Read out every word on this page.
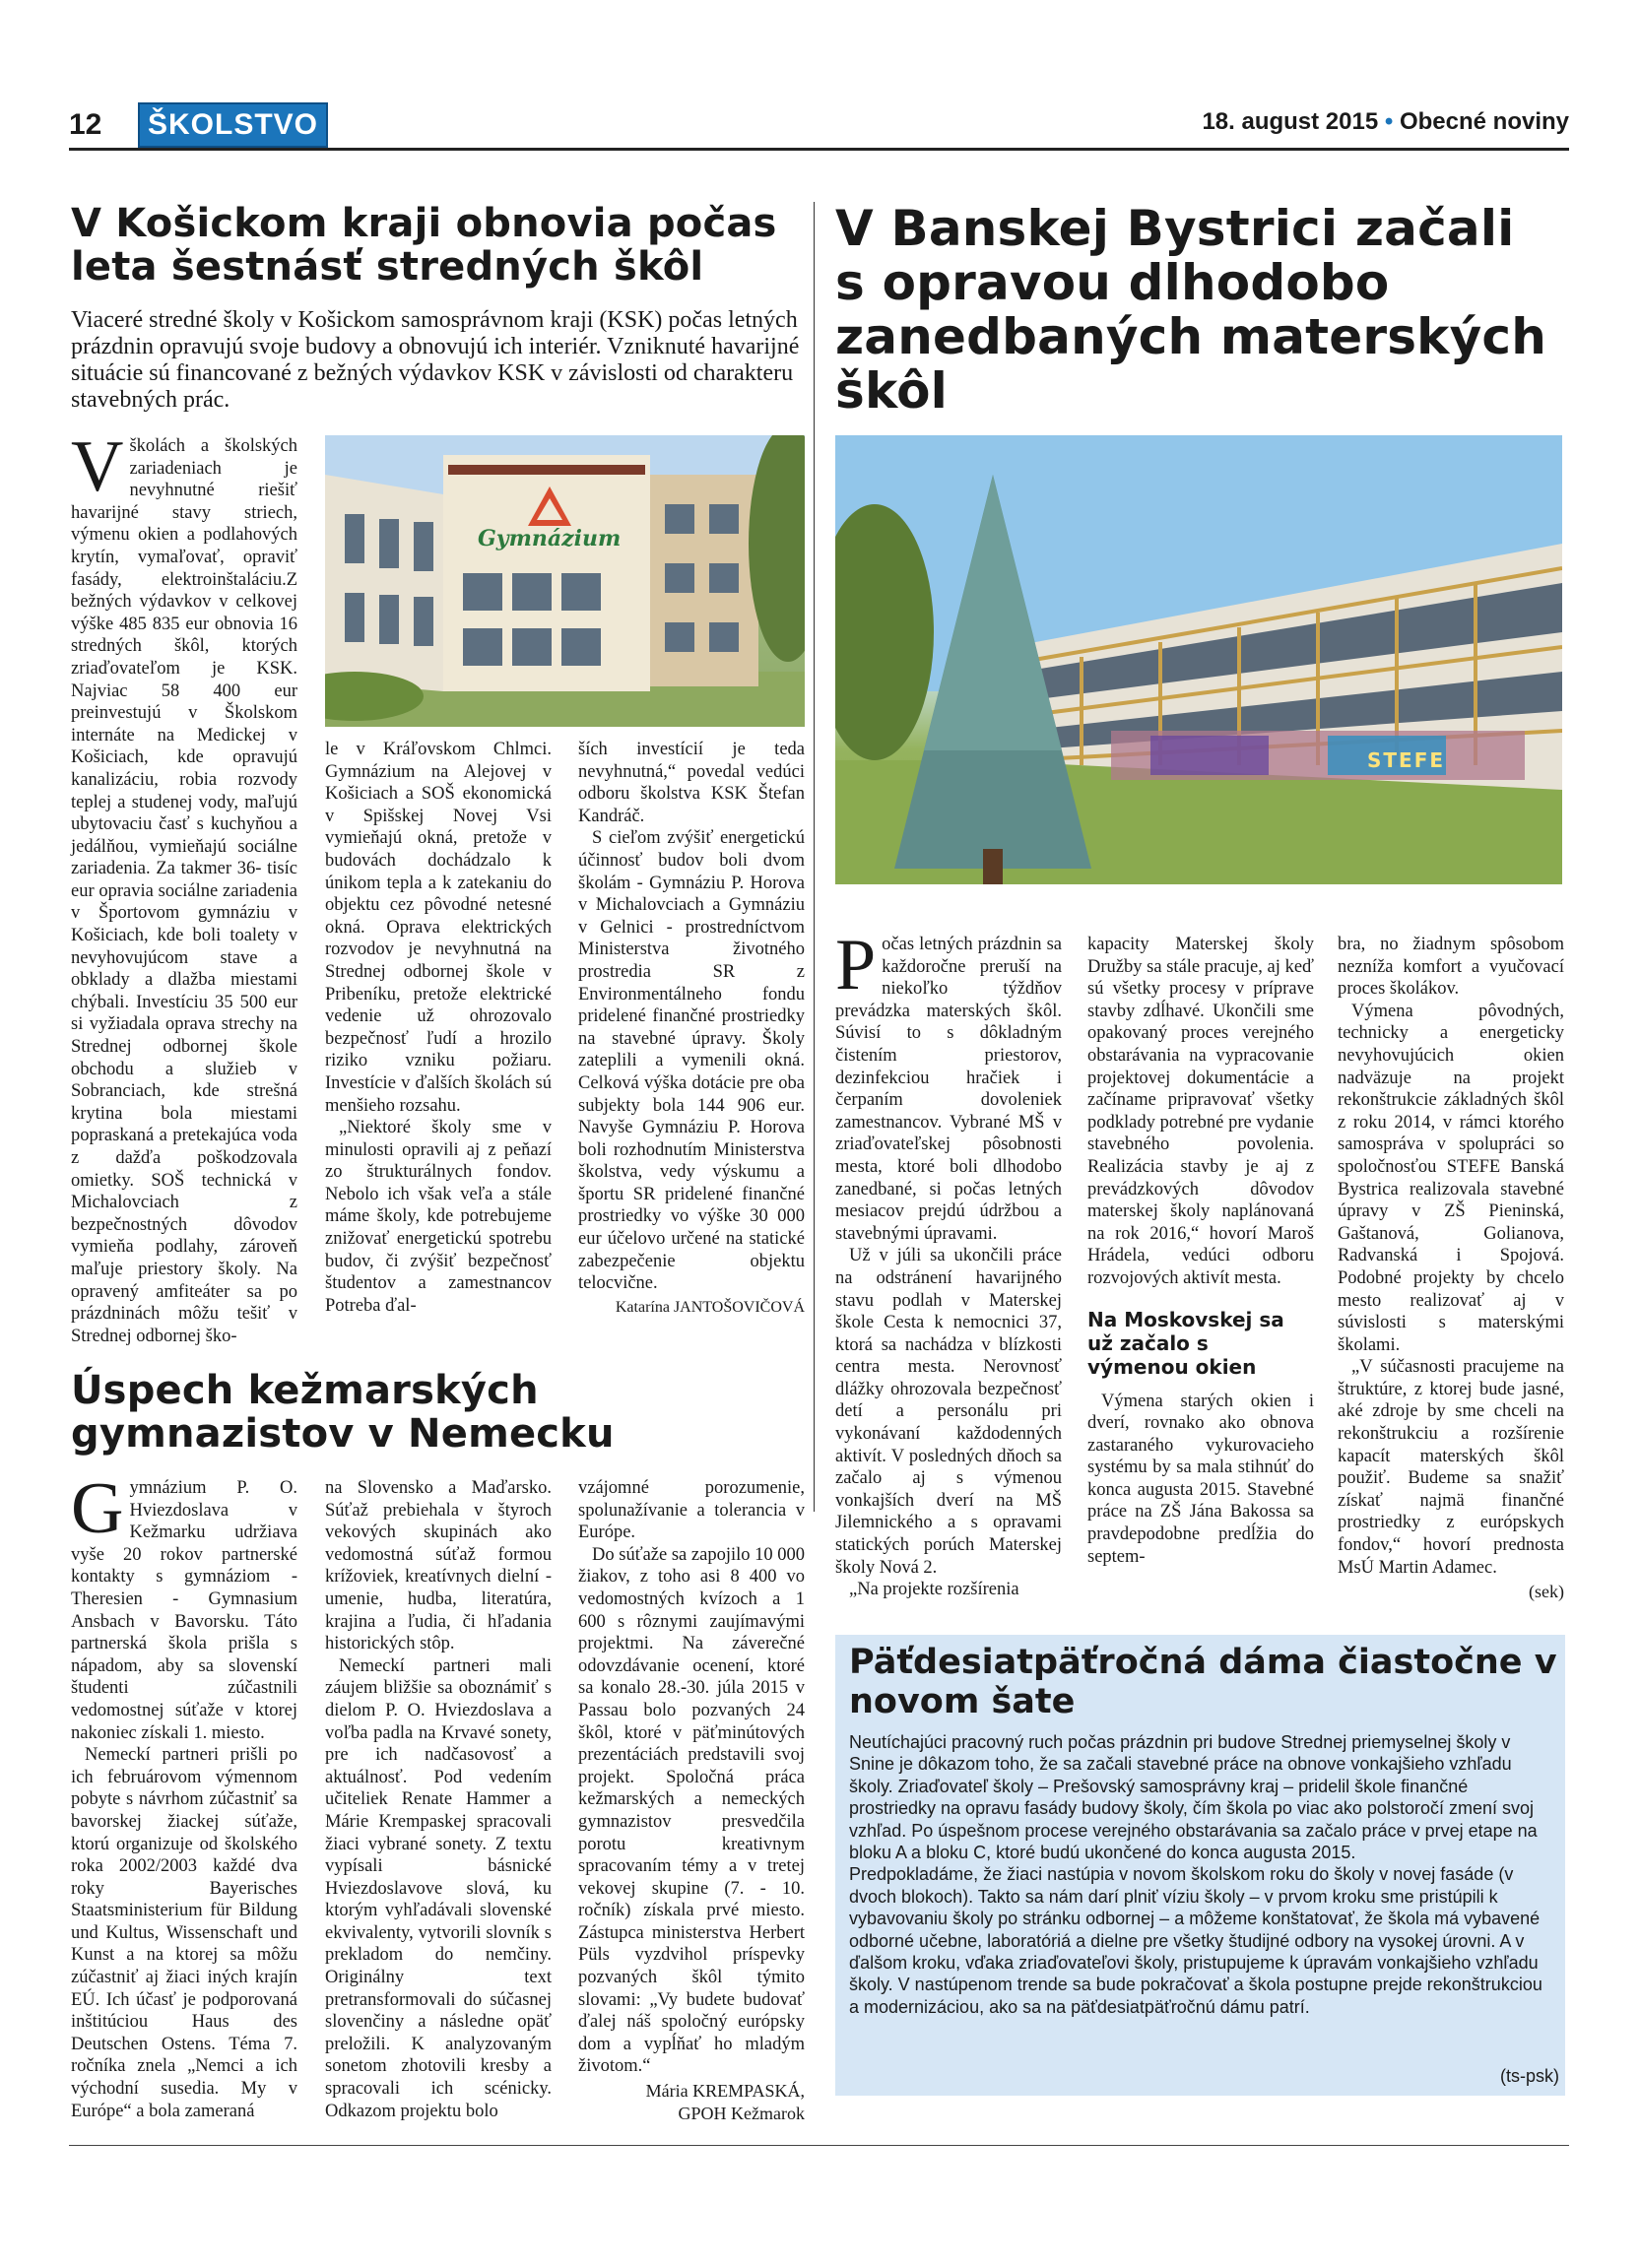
12	ŠKOLSTVO	18. august 2015 • Obecné noviny
V Košickom kraji obnovia počas leta šestnásť stredných škôl

Viaceré stredné školy v Košickom samosprávnom kraji (KSK) počas letných prázdnin opravujú svoje budovy a obnovujú ich interiér. Vzniknuté havarijné situácie sú financované z bežných výdavkov KSK v závislosti od charakteru stavebných prác.

Vškolách a školských zariadeniach je nevyhnutné riešiť havarijné stavy striech, výmenu okien a podlahových krytín, vymaľovať, opraviť fasády, elektroinštaláciu.Z bežných výdavkov v celkovej výške 485 835 eur obnovia 16 stredných škôl, ktorých zriaďovateľom je KSK. Najviac 58 400 eur preinvestujú v Školskom internáte na Medickej v Košiciach, kde opravujú kanalizáciu, robia rozvody teplej a studenej vody, maľujú ubytovaciu časť s kuchyňou a jedálňou, vymieňajú sociálne zariadenia. Za takmer 36- tisíc eur opravia sociálne zariadenia v Športovom gymnáziu v Košiciach, kde boli toalety v nevyhovujúcom stave a obklady a dlažba miestami chýbali. Investíciu 35 500 eur si vyžiadala oprava strechy na Strednej odbornej škole obchodu a služieb v Sobranciach, kde strešná krytina bola miestami popraskaná a pretekajúca voda z dažďa poškodzovala omietky. SOŠ technická v Michalovciach z bezpečnostných dôvodov vymieňa podlahy, zároveň maľuje priestory školy. Na opravený amfiteáter sa po prázdninách môžu tešiť v Strednej odbornej ško-

Gymnázium

le v Kráľovskom Chlmci. Gymnázium na Alejovej v Košiciach a SOŠ ekonomická v Spišskej Novej Vsi vymieňajú okná, pretože v budovách dochádzalo k únikom tepla a k zatekaniu do objektu cez pôvodné netesné okná. Oprava elektrických rozvodov je nevyhnutná na Strednej odbornej škole v Pribeníku, pretože elektrické vedenie už ohrozovalo bezpečnosť ľudí a hrozilo riziko vzniku požiaru. Investície v ďalších školách sú menšieho rozsahu.

„Niektoré školy sme v minulosti opravili aj z peňazí zo štrukturálnych fondov. Nebolo ich však veľa a stále máme školy, kde potrebujeme znižovať energetickú spotrebu budov, či zvýšiť bezpečnosť študentov a zamestnancov Potreba ďal-

ších investícií je teda nevyhnutná,“ povedal vedúci odboru školstva KSK Štefan Kandráč.

S cieľom zvýšiť energetickú účinnosť budov boli dvom školám - Gymnáziu P. Horova v Michalovciach a Gymnáziu v Gelnici - prostredníctvom Ministerstva životného prostredia SR z Environmentálneho fondu pridelené finančné prostriedky na stavebné úpravy. Školy zateplili a vymenili okná. Celková výška dotácie pre oba subjekty bola 144 906 eur. Navyše Gymnáziu P. Horova boli rozhodnutím Ministerstva školstva, vedy výskumu a športu SR pridelené finančné prostriedky vo výške 30 000 eur účelovo určené na statické zabezpečenie objektu telocvične.

Katarína JANTOŠOVIČOVÁ

Úspech kežmarských gymnazistov v Nemecku

Gymnázium P. O. Hviezdoslava v Kežmarku udržiava vyše 20 rokov partnerské kontakty s gymnáziom - Theresien - Gymnasium Ansbach v Bavorsku. Táto partnerská škola prišla s nápadom, aby sa slovenskí študenti zúčastnili vedomostnej súťaže v ktorej nakoniec získali 1. miesto.

Nemeckí partneri prišli po ich februárovom výmennom pobyte s návrhom zúčastniť sa bavorskej žiackej súťaže, ktorú organizuje od školského roka 2002/2003 každé dva roky Bayerisches Staatsministerium für Bildung und Kultus, Wissenschaft und Kunst a na ktorej sa môžu zúčastniť aj žiaci iných krajín EÚ. Ich účasť je podporovaná inštitúciou Haus des Deutschen Ostens. Téma 7. ročníka znela „Nemci a ich východní susedia. My v Európe“ a bola zameraná

na Slovensko a Maďarsko. Súťaž prebiehala v štyroch vekových skupinách ako vedomostná súťaž formou krížoviek, kreatívnych dielní - umenie, hudba, literatúra, krajina a ľudia, či hľadania historických stôp.

Nemeckí partneri mali záujem bližšie sa oboznámiť s dielom P. O. Hviezdoslava a voľba padla na Krvavé sonety, pre ich nadčasovosť a aktuálnosť. Pod vedením učiteliek Renate Hammer a Márie Krempaskej spracovali žiaci vybrané sonety. Z textu vypísali básnické Hviezdoslavove slová, ku ktorým vyhľadávali slovenské ekvivalenty, vytvorili slovník s prekladom do nemčiny. Originálny text pretransformovali do súčasnej slovenčiny a následne opäť preložili. K analyzovaným sonetom zhotovili kresby a spracovali ich scénicky. Odkazom projektu bolo

vzájomné porozumenie, spolunažívanie a tolerancia v Európe.

Do súťaže sa zapojilo 10 000 žiakov, z toho asi 8 400 vo vedomostných kvízoch a 1 600 s rôznymi zaujímavými projektmi. Na záverečné odovzdávanie ocenení, ktoré sa konalo 28.-30. júla 2015 v Passau bolo pozvaných 24 škôl, ktoré v päťminútových prezentáciách predstavili svoj projekt. Spoločná práca kežmarských a nemeckých gymnazistov presvedčila porotu kreativnym spracovaním témy a v tretej vekovej skupine (7. - 10. ročník) získala prvé miesto. Zástupca ministerstva Herbert Püls vyzdvihol príspevky pozvaných škôl týmito slovami: „Vy budete budovať ďalej náš spoločný európsky dom a vypĺňať ho mladým životom.“

Mária KREMPASKÁ,

GPOH Kežmarok

V Banskej Bystrici začali s opravou dlhodobo zanedbaných materských škôl
STEFE

Počas letných prázdnin sa každoročne preruší na niekoľko týždňov prevádzka materských škôl. Súvisí to s dôkladným čistením priestorov, dezinfekciou hračiek i čerpaním dovoleniek zamestnancov. Vybrané MŠ v zriaďovateľskej pôsobnosti mesta, ktoré boli dlhodobo zanedbané, si počas letných mesiacov prejdú údržbou a stavebnými úpravami.

Už v júli sa ukončili práce na odstránení havarijného stavu podlah v Materskej škole Cesta k nemocnici 37, ktorá sa nachádza v blízkosti centra mesta. Nerovnosť dlážky ohrozovala bezpečnosť detí a personálu pri vykonávaní každodenných aktivít. V posledných dňoch sa začalo aj s výmenou vonkajších dverí na MŠ Jilemnického a s opravami statických porúch Materskej školy Nová 2.

„Na projekte rozšírenia

kapacity Materskej školy Družby sa stále pracuje, aj keď sú všetky procesy v príprave stavby zdĺhavé. Ukončili sme opakovaný proces verejného obstarávania na vypracovanie projektovej dokumentácie a začíname pripravovať všetky podklady potrebné pre vydanie stavebného povolenia. Realizácia stavby je aj z prevádzkových dôvodov materskej školy naplánovaná na rok 2016,“ hovorí Maroš Hrádela, vedúci odboru rozvojových aktivít mesta.

Na Moskovskej sa už začalo s výmenou okien

Výmena starých okien i dverí, rovnako ako obnova zastaraného vykurovacieho systému by sa mala stihnúť do konca augusta 2015. Stavebné práce na ZŠ Jána Bakossa sa pravdepodobne predĺžia do septem-

bra, no žiadnym spôsobom nezníža komfort a vyučovací proces školákov.

Výmena pôvodných, technicky a energeticky nevyhovujúcich okien nadväzuje na projekt rekonštrukcie základných škôl z roku 2014, v rámci ktorého samospráva v spolupráci so spoločnosťou STEFE Banská Bystrica realizovala stavebné úpravy v ZŠ Pieninská, Gaštanová, Golianova, Radvanská i Spojová. Podobné projekty by chcelo mesto realizovať aj v súvislosti s materskými školami.

„V súčasnosti pracujeme na štruktúre, z ktorej bude jasné, aké zdroje by sme chceli na rekonštrukciu a rozšírenie kapacít materských škôl použiť. Budeme sa snažiť získať najmä finančné prostriedky z európskych fondov,“ hovorí prednosta MsÚ Martin Adamec.

(sek)

Päťdesiatpäťročná dáma čiastočne v novom šate

Neutíchajúci pracovný ruch počas prázdnin pri budove Strednej priemyselnej školy v Snine je dôkazom toho, že sa začali stavebné práce na obnove vonkajšieho vzhľadu školy. Zriaďovateľ školy – Prešovský samosprávny kraj – pridelil škole finančné prostriedky na opravu fasády budovy školy, čím škola po viac ako polstoročí zmení svoj vzhľad. Po úspešnom procese verejného obstarávania sa začalo práce v prvej etape na bloku A a bloku C, ktoré budú ukončené do konca augusta 2015.

Predpokladáme, že žiaci nastúpia v novom školskom roku do školy v novej fasáde (v dvoch blokoch). Takto sa nám darí plniť víziu školy – v prvom kroku sme pristúpili k vybavovaniu školy po stránku odbornej – a môžeme konštatovať, že škola má vybavené odborné učebne, laboratóriá a dielne pre všetky študijné odbory na vysokej úrovni. A v ďalšom kroku, vďaka zriaďovateľovi školy, pristupujeme k úpravám vonkajšieho vzhľadu školy. V nastúpenom trende sa bude pokračovať a škola postupne prejde rekonštrukciou a modernizáciou, ako sa na päťdesiatpäťročnú dámu patrí.

(ts-psk)
